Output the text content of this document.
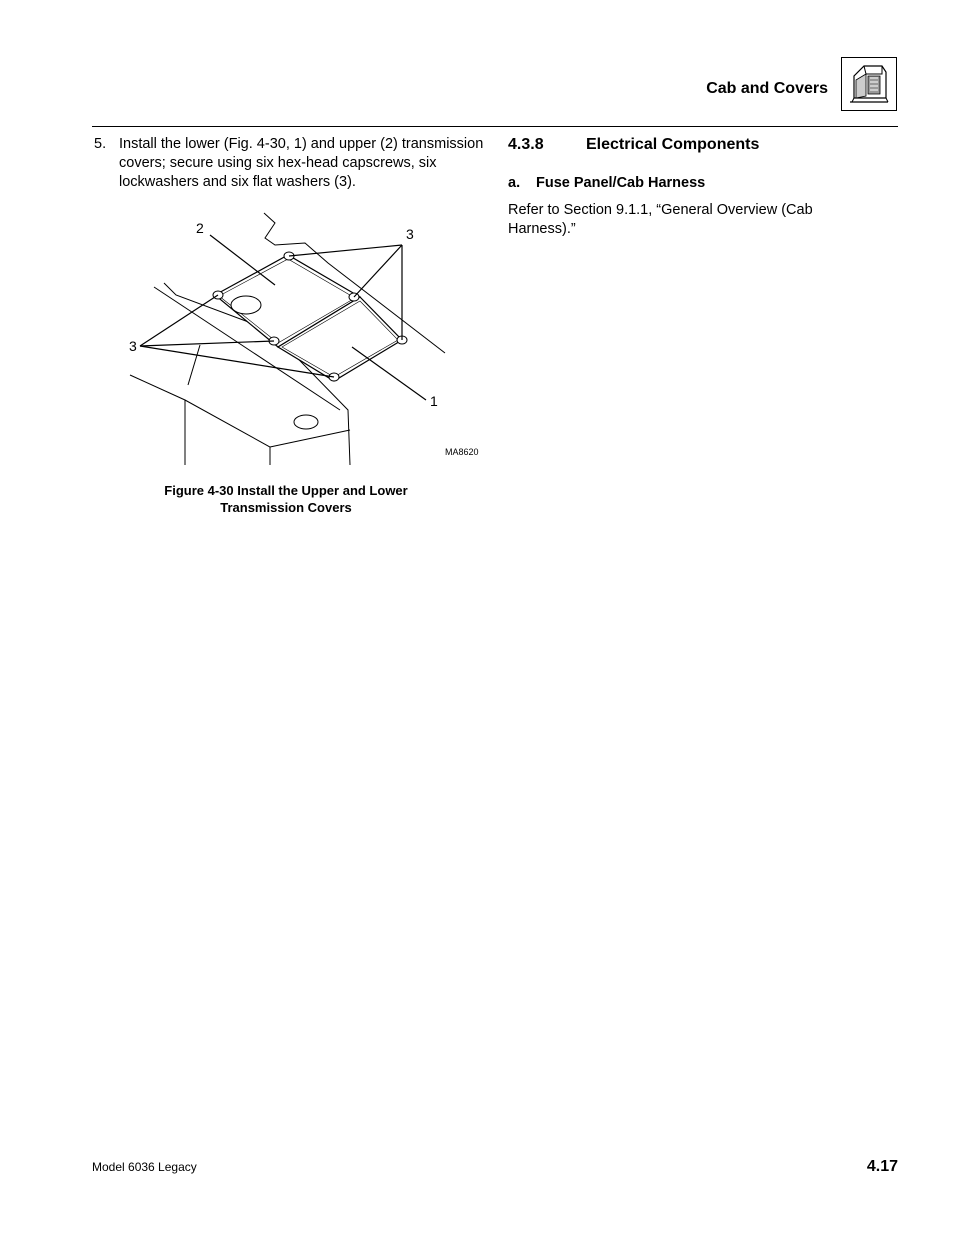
Cab and Covers
5. Install the lower (Fig. 4-30, 1) and upper (2) transmission covers; secure using six hex-head capscrews, six lockwashers and six flat washers (3).
2	3
3
1
MA8620
Figure 4-30 Install the Upper and Lower
Transmission Covers
4.3.8	Electrical Components
a. Fuse Panel/Cab Harness
Refer to Section 9.1.1, “General Overview (Cab Harness).”
Model 6036 Legacy	4.17
